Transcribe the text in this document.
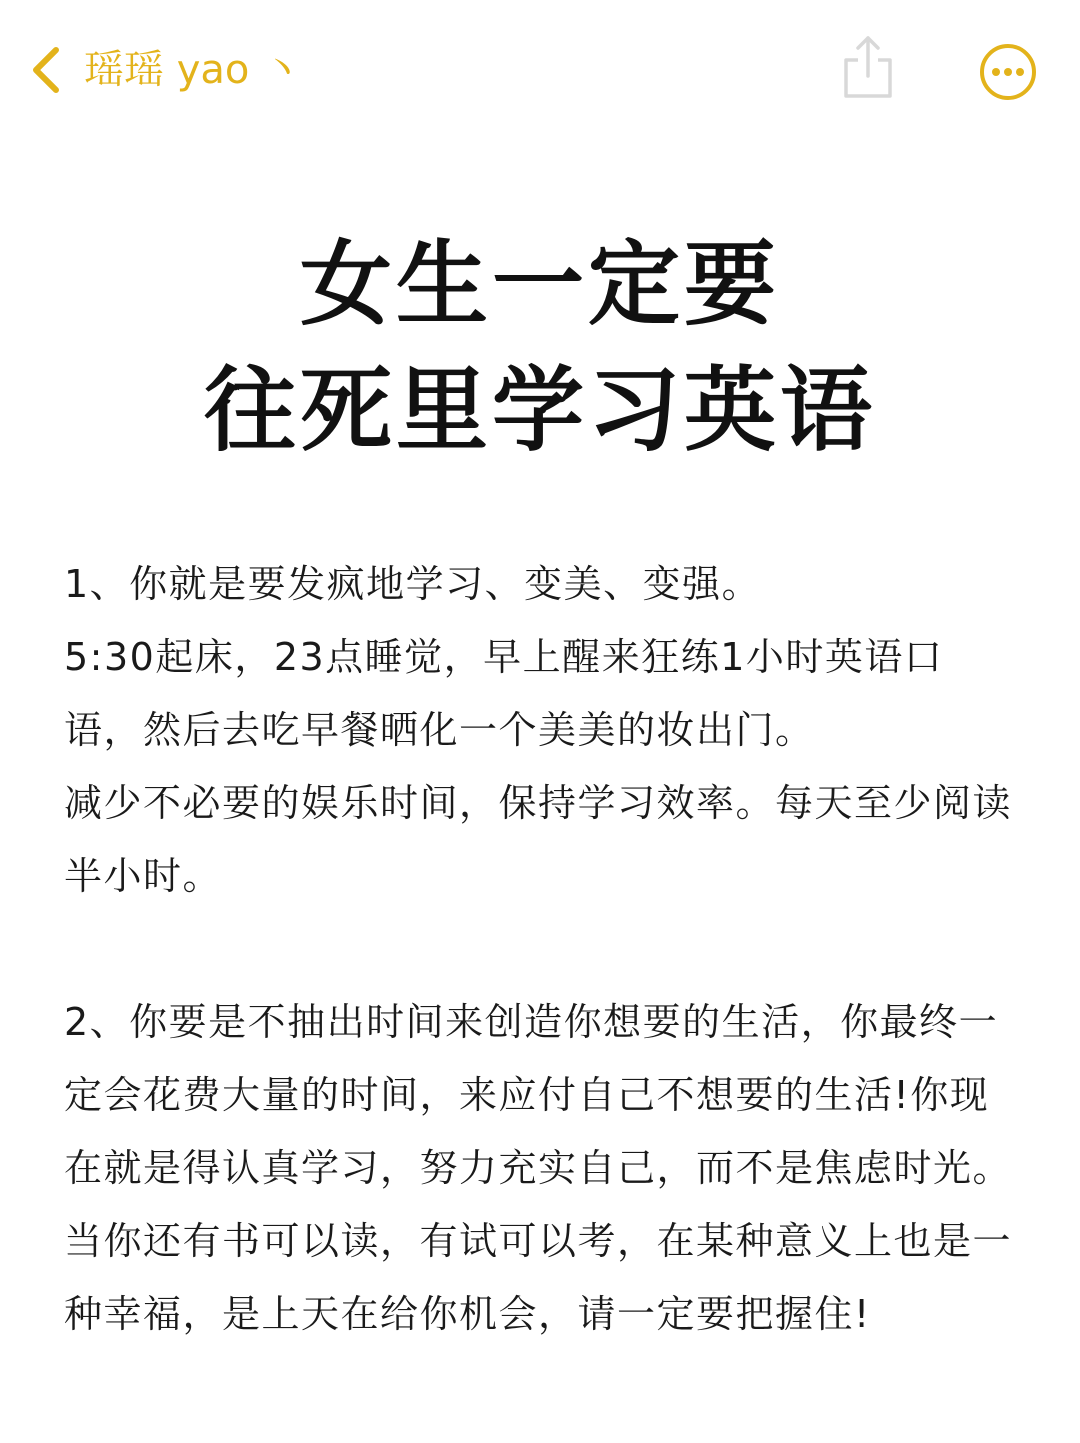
瑶瑶 yao 丶
女生一定要
往死里学习英语

1、你就是要发疯地学习、变美、变强。

5:30起床，23点睡觉，早上醒来狂练1小时英语口语，然后去吃早餐晒化一个美美的妆出门。

减少不必要的娱乐时间，保持学习效率。每天至少阅读半小时。

2、你要是不抽出时间来创造你想要的生活，你最终一定会花费大量的时间，来应付自己不想要的生活!你现在就是得认真学习，努力充实自己，而不是焦虑时光。当你还有书可以读，有试可以考，在某种意义上也是一种幸福，是上天在给你机会，请一定要把握住!
